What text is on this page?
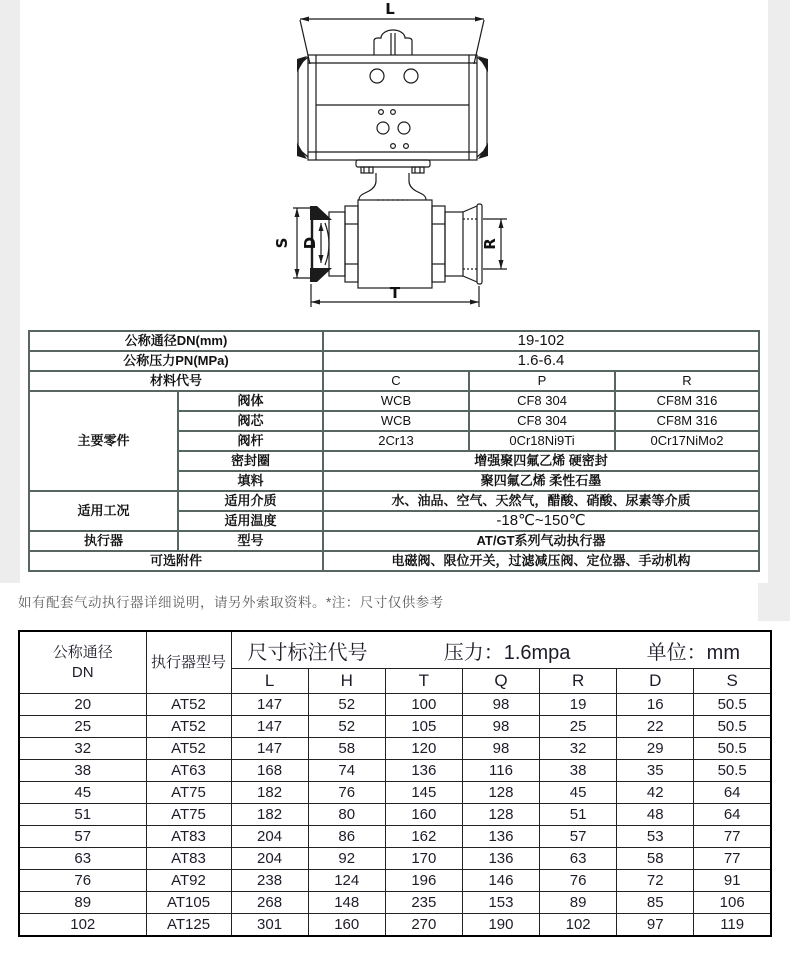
L
S D	R
T
公称通径DN(mm)		19-102		
公称压力PN(MPa)		1.6-6.4		
材料代号		C	P	R
主要零件	阀体	WCB	CF8 304	CF8M 316
	阀芯	WCB	CF8 304	CF8M 316
	阀杆	2Cr13	0Cr18Ni9Ti	0Cr17NiMo2
	密封圈	增强聚四氟乙烯 硬密封		
	填料	聚四氟乙烯 柔性石墨		
适用工况	适用介质	水、油品、空气、天然气，醋酸、硝酸、尿素等介质		
	适用温度	-18℃~150℃		
执行器	型号	AT/GT系列气动执行器		
可选附件		电磁阀、限位开关，过滤减压阀、定位器、手动机构		
如有配套气动执行器详细说明，请另外索取资料。*注：尺寸仅供参考
公称通径
DN	执行器型号	尺寸标注代号 压力：1.6mpa 单位：mm						

		L	H	T	Q	R	D	S
20	AT52	147	52	100	98	19	16	50.5
25	AT52	147	52	105	98	25	22	50.5
32	AT52	147	58	120	98	32	29	50.5
38	AT63	168	74	136	116	38	35	50.5
45	AT75	182	76	145	128	45	42	64
51	AT75	182	80	160	128	51	48	64
57	AT83	204	86	162	136	57	53	77
63	AT83	204	92	170	136	63	58	77
76	AT92	238	124	196	146	76	72	91
89	AT105	268	148	235	153	89	85	106
102	AT125	301	160	270	190	102	97	119
